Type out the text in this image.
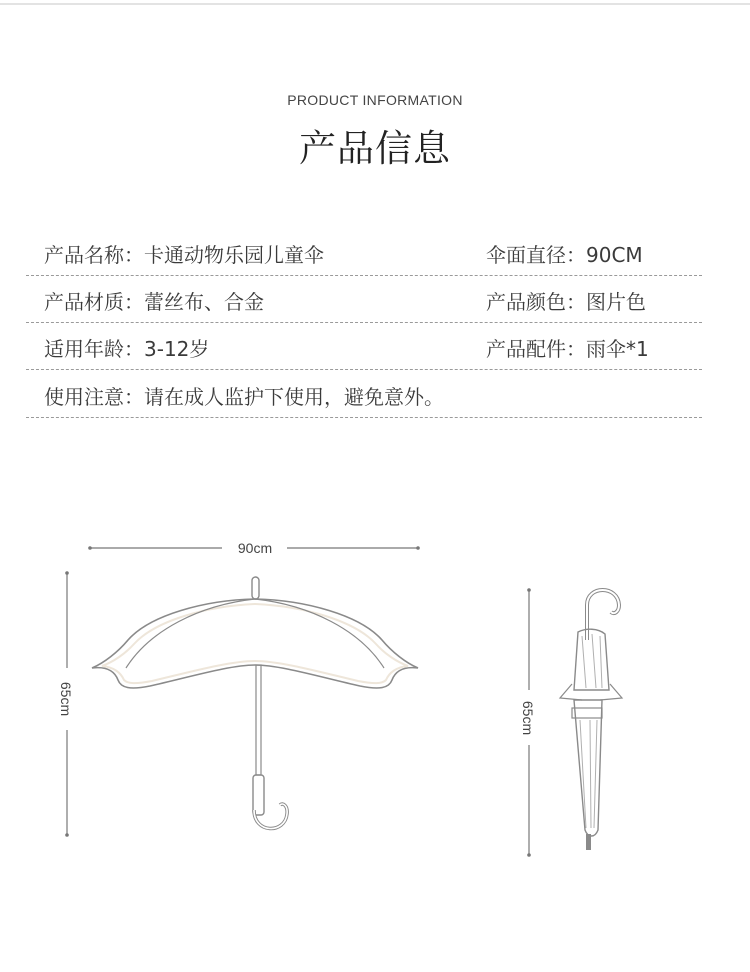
PRODUCT INFORMATION
产品信息
产品名称：卡通动物乐园儿童伞	伞面直径：90CM
产品材质：蕾丝布、合金	产品颜色：图片色
适用年龄：3-12岁	产品配件：雨伞*1
使用注意：请在成人监护下使用，避免意外。
90cm
65cm
65cm
